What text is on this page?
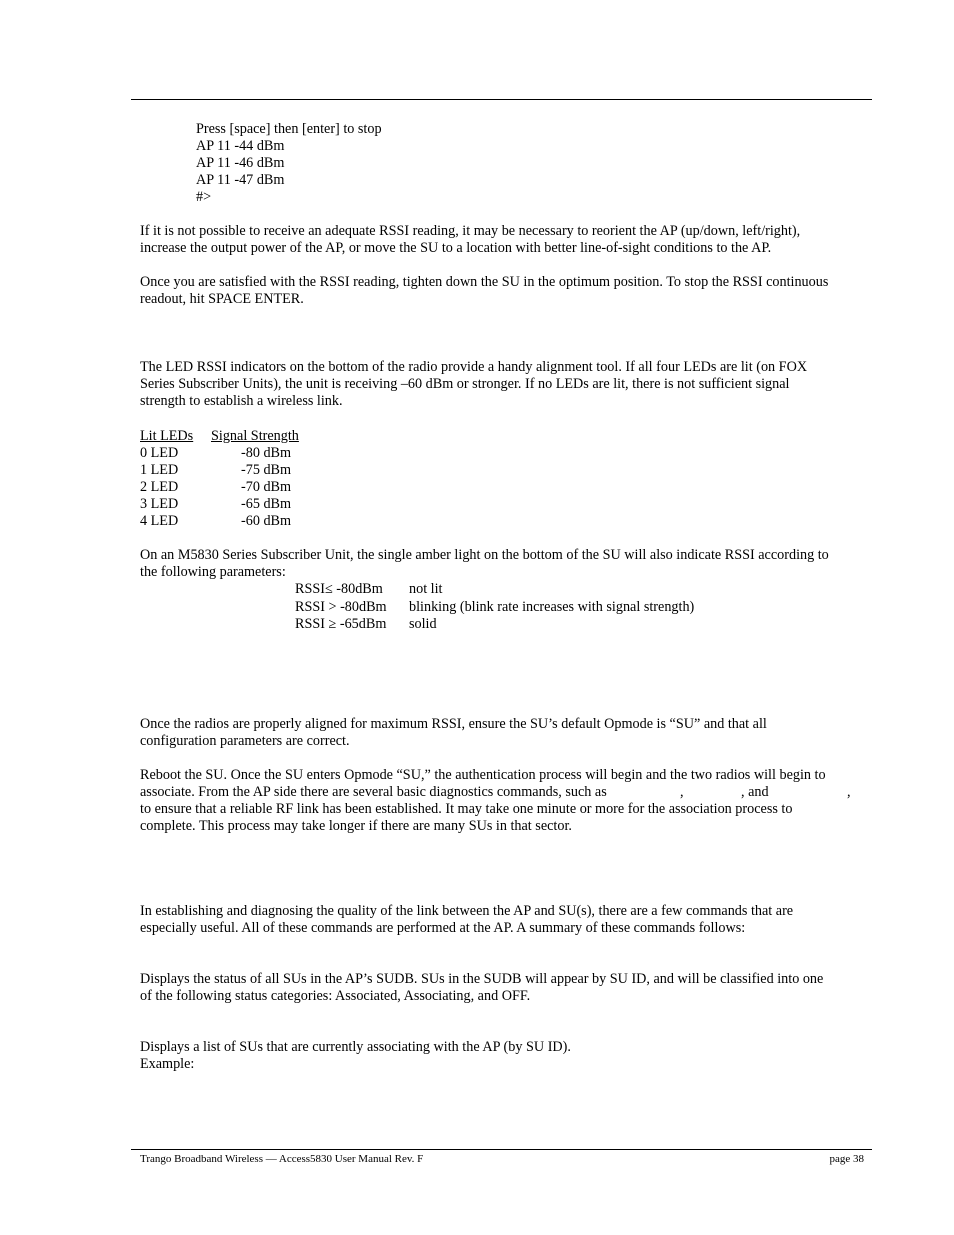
Press [space] then [enter] to stop
AP 11 -44 dBm
AP 11 -46 dBm
AP 11 -47 dBm
#>
If it is not possible to receive an adequate RSSI reading, it may be necessary to reorient the AP (up/down, left/right),
increase the output power of the AP, or move the SU to a location with better line-of-sight conditions to the AP.
Once you are satisfied with the RSSI reading, tighten down the SU in the optimum position. To stop the RSSI continuous
readout, hit SPACE ENTER.
The LED RSSI indicators on the bottom of the radio provide a handy alignment tool. If all four LEDs are lit (on FOX
Series Subscriber Units), the unit is receiving –60 dBm or stronger. If no LEDs are lit, there is not sufficient signal
strength to establish a wireless link.
Lit LEDs Signal Strength
0 LED	-80 dBm
1 LED	-75 dBm
2 LED	-70 dBm
3 LED	-65 dBm
4 LED	-60 dBm
On an M5830 Series Subscriber Unit, the single amber light on the bottom of the SU will also indicate RSSI according to
the following parameters:
RSSI≤ -80dBm not lit
RSSI > -80dBm blinking (blink rate increases with signal strength)
RSSI ≥ -65dBm solid
Once the radios are properly aligned for maximum RSSI, ensure the SU’s default Opmode is “SU” and that all
configuration parameters are correct.
Reboot the SU. Once the SU enters Opmode “SU,” the authentication process will begin and the two radios will begin to
associate. From the AP side there are several basic diagnostics commands, such as	,	, and	,
to ensure that a reliable RF link has been established. It may take one minute or more for the association process to
complete. This process may take longer if there are many SUs in that sector.
In establishing and diagnosing the quality of the link between the AP and SU(s), there are a few commands that are
especially useful. All of these commands are performed at the AP. A summary of these commands follows:
Displays the status of all SUs in the AP’s SUDB. SUs in the SUDB will appear by SU ID, and will be classified into one
of the following status categories: Associated, Associating, and OFF.
Displays a list of SUs that are currently associating with the AP (by SU ID).
Example:
Trango Broadband Wireless — Access5830 User Manual Rev. F	page 38
